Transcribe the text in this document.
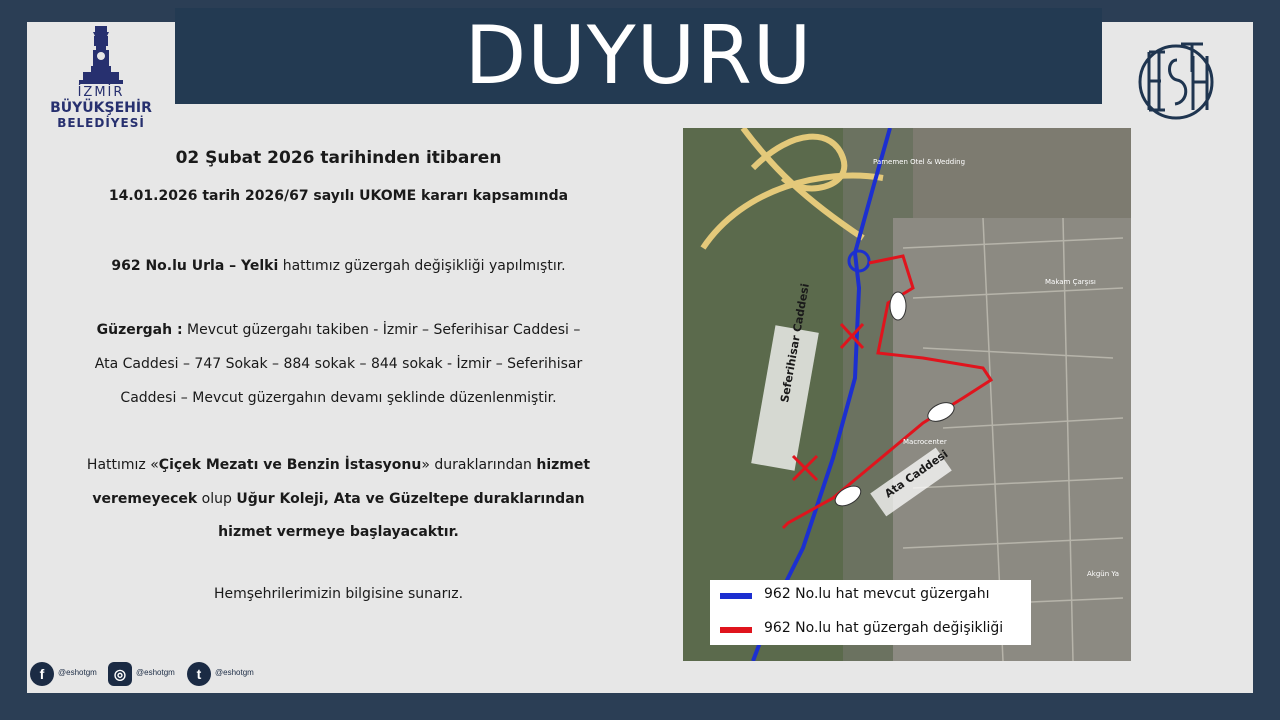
DUYURU
İZMİR
BÜYÜKŞEHİR
BELEDİYESİ
02 Şubat 2026 tarihinden itibaren
14.01.2026 tarih 2026/67 sayılı UKOME kararı kapsamında
962 No.lu Urla – Yelki hattımız güzergah değişikliği yapılmıştır.
Güzergah : Mevcut güzergahı takiben - İzmir – Seferihisar Caddesi –
Ata Caddesi – 747 Sokak – 884 sokak – 844 sokak - İzmir – Seferihisar
Caddesi – Mevcut güzergahın devamı şeklinde düzenlenmiştir.
Hattımız «Çiçek Mezatı ve Benzin İstasyonu» duraklarından hizmet
veremeyecek olup Uğur Koleji, Ata ve Güzeltepe duraklarından
hizmet vermeye başlayacaktır.
Hemşehrilerimizin bilgisine sunarız.
Seferihisar Caddesi
Ata Caddesi
Pamemen Otel & Wedding
Makam Çarşısı
Macrocenter
Akgün Ya
962 No.lu hat mevcut güzergahı
962 No.lu hat güzergah değişikliği
f	@eshotgm	◎	@eshotgm	t	@eshotgm
